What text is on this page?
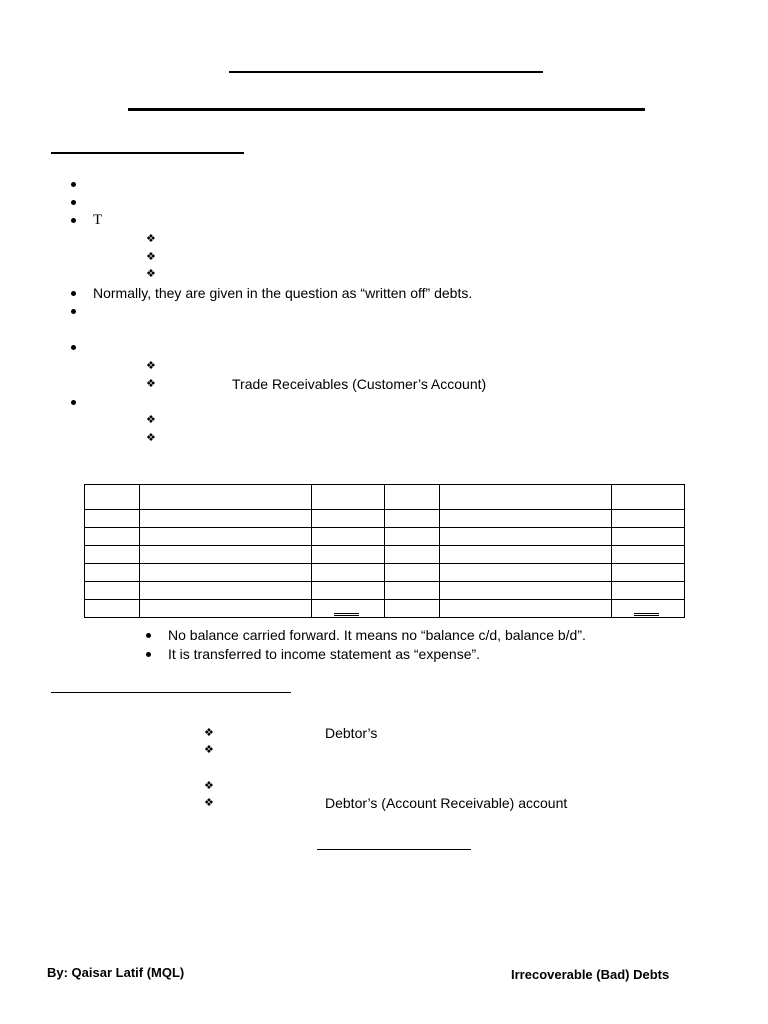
T
❖
❖
❖
Normally, they are given in the question as “written off” debts.
❖
❖	Trade Receivables (Customer’s Account)
❖
❖

No balance carried forward. It means no “balance c/d, balance b/d”.
It is transferred to income statement as “expense”.
❖	Debtor’s
❖
❖
❖	Debtor’s (Account Receivable) account
By: Qaisar Latif (MQL)	Irrecoverable (Bad) Debts
